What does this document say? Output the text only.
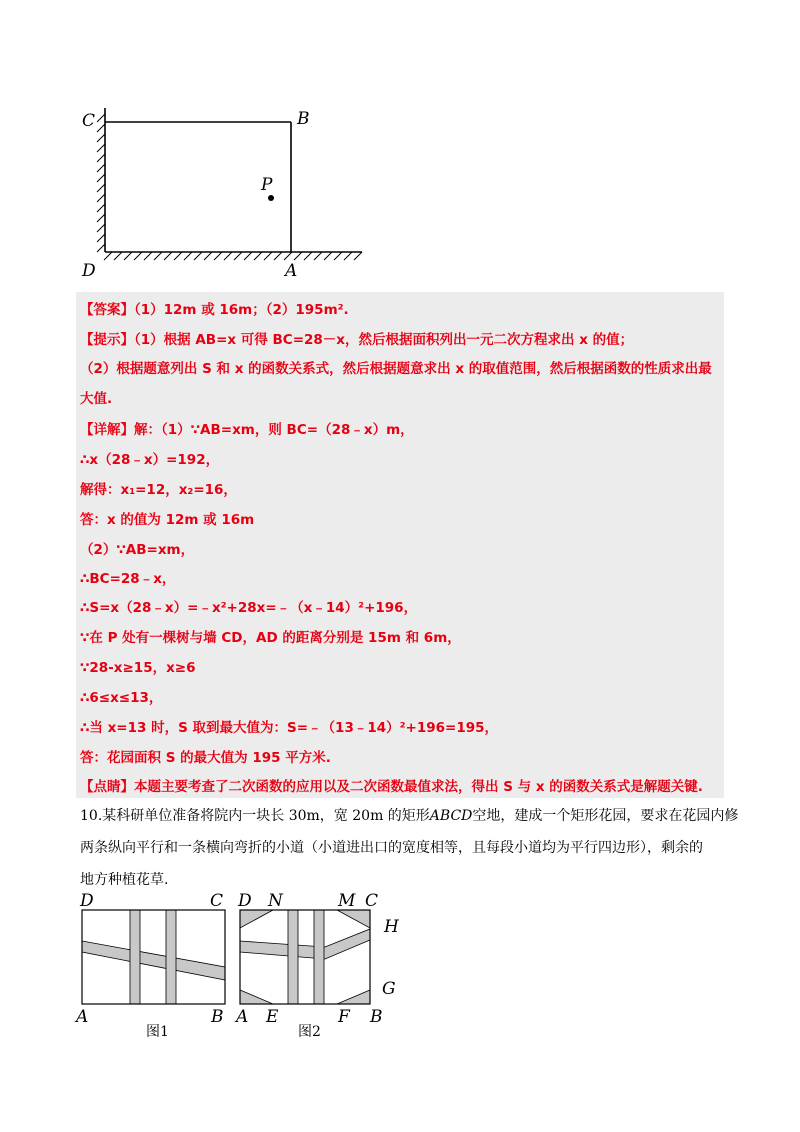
C	B
P
D	A
【答案】（1）12m 或 16m；（2）195m².
【提示】（1）根据 AB=x 可得 BC=28－x，然后根据面积列出一元二次方程求出 x 的值；
（2）根据题意列出 S 和 x 的函数关系式，然后根据题意求出 x 的取值范围，然后根据函数的性质求出最
大值.
【详解】解：（1）∵AB=xm，则 BC=（28﹣x）m，
∴x（28﹣x）=192，
解得：x₁=12，x₂=16，
答：x 的值为 12m 或 16m
（2）∵AB=xm，
∴BC=28﹣x，
∴S=x（28﹣x）=﹣x²+28x=﹣（x﹣14）²+196，
∵在 P 处有一棵树与墙 CD，AD 的距离分别是 15m 和 6m，
∵28-x≥15，x≥6
∴6≤x≤13，
∴当 x=13 时，S 取到最大值为：S=﹣（13﹣14）²+196=195，
答：花园面积 S 的最大值为 195 平方米.
【点睛】本题主要考查了二次函数的应用以及二次函数最值求法，得出 S 与 x 的函数关系式是解题关键.
10.某科研单位准备将院内一块长 30m，宽 20m 的矩形ABCD空地，建成一个矩形花园，要求在花园内修
两条纵向平行和一条横向弯折的小道（小道进出口的宽度相等，且每段小道均为平行四边形），剩余的
地方种植花草.
D	C
A	B
图1
D N	M C
H
G
A E	F B
图2
